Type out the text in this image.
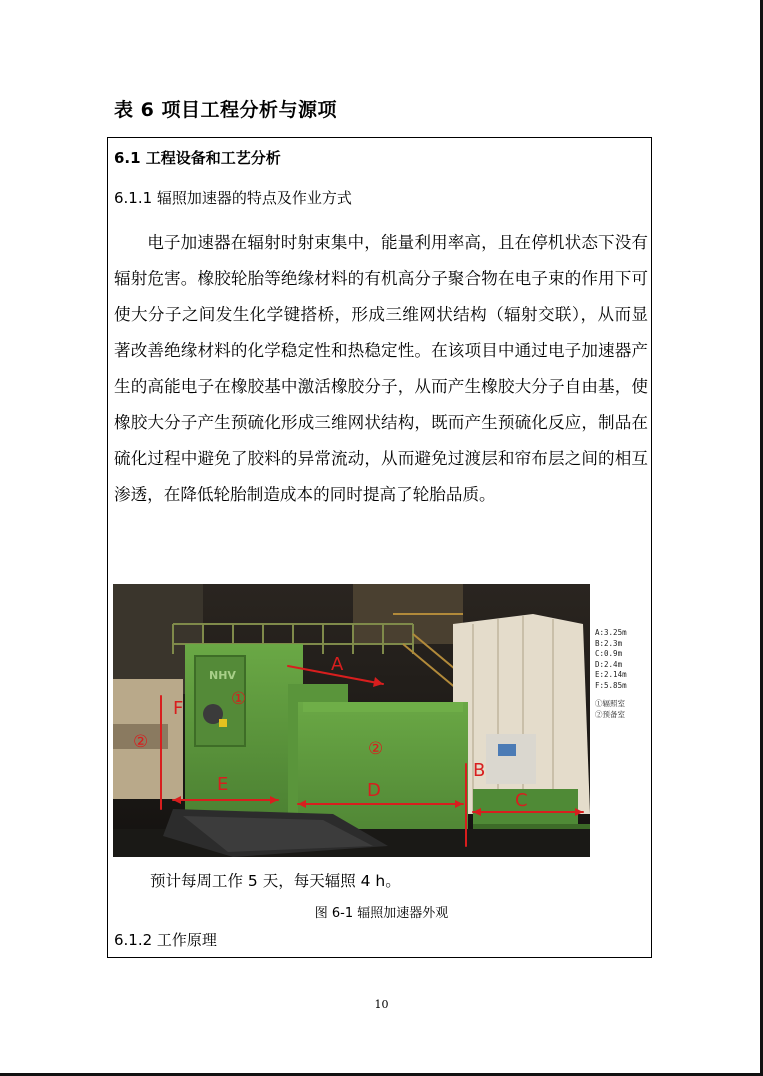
表 6 项目工程分析与源项
6.1 工程设备和工艺分析
6.1.1 辐照加速器的特点及作业方式

电子加速器在辐射时射束集中，能量利用率高，且在停机状态下没有辐射危害。橡胶轮胎等绝缘材料的有机高分子聚合物在电子束的作用下可使大分子之间发生化学键搭桥，形成三维网状结构（辐射交联），从而显著改善绝缘材料的化学稳定性和热稳定性。在该项目中通过电子加速器产生的高能电子在橡胶基中激活橡胶分子，从而产生橡胶大分子自由基，使橡胶大分子产生预硫化形成三维网状结构，既而产生预硫化反应，制品在硫化过程中避免了胶料的异常流动，从而避免过渡层和帘布层之间的相互渗透，在降低轮胎制造成本的同时提高了轮胎品质。

NHV
A
B
C
D
E
F	①
②	②
A:3.25m
B:2.3m
C:0.9m
D:2.4m
E:2.14m
F:5.85m
①辐照室
②预备室
预计每周工作 5 天，每天辐照 4 h。
图 6-1 辐照加速器外观
6.1.2 工作原理
10
